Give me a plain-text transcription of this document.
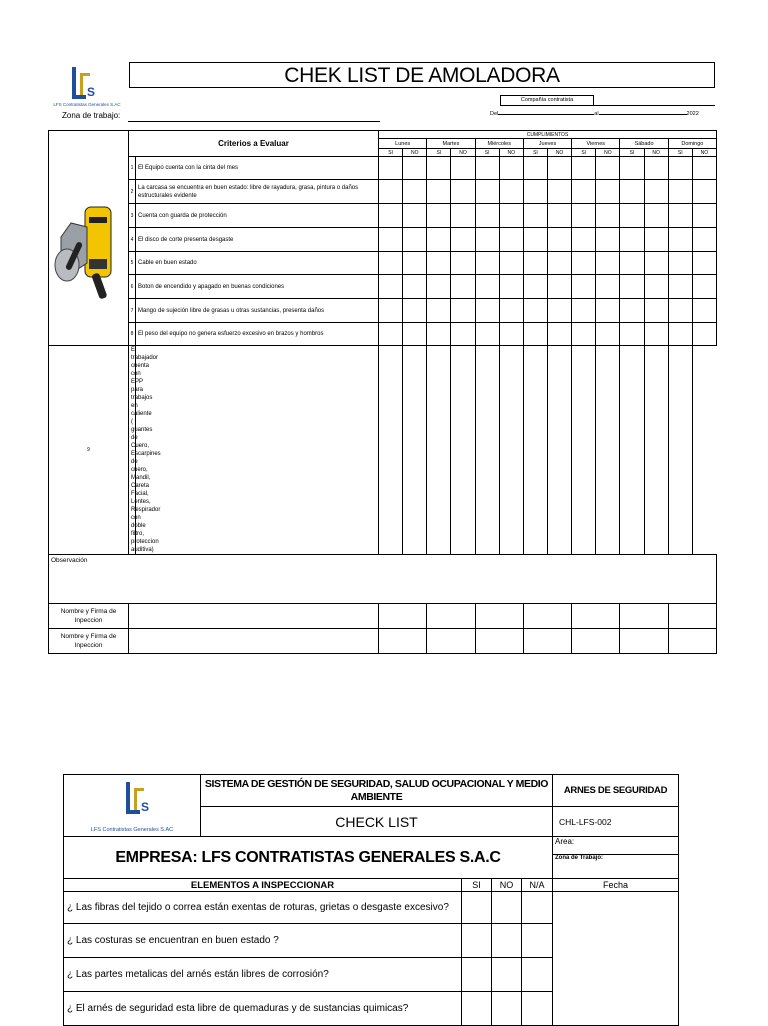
S
LFS Contratistas Generales S.AC
CHEK LIST DE AMOLADORA
Compañía contratista
Del	al	2022
Zona de trabajo:
	Criterios a Evaluar		CUMPLIMIENTOS													
			Lunes		Martes		Miércoles		Jueves		Viernes		Sábado		Domingo	
			SI	NO	SI	NO	SI	NO	SI	NO	SI	NO	SI	NO	SI	NO
	1	El Equipo cuenta con la cinta del mes														
	2	La carcasa se encuentra en buen estado: libre de rayadura, grasa, pintura o daños estructurales evidente														
	3	Cuenta con guarda de protección														
	4	El disco de corte presenta desgaste														
	5	Cable en buen estado														
	6	Boton de encendido y apagado en buenas condiciones														
	7	Mango de sujeción libre de grasas u otras sustancias, presenta daños														
	8	El peso del equipo no genera esfuerzo excesivo en brazos y hombros														
9	El trabajador cuenta con EPP para trabajos en caliente ( guantes de Cuero, Escarpines de cuero, Mandil, Careta Facial, Lentes, Respirador con doble filtro, proteccion auditiva)															
Observación																
Nombre y Firma de Inpeccion																
Nombre y Firma de Inpeccion																
S
LFS Contratistas Generales S.AC	SISTEMA DE GESTIÓN DE SEGURIDAD, SALUD OCUPACIONAL Y MEDIO AMBIENTE				ARNES DE SEGURIDAD
	CHECK LIST				CHL-LFS-002
EMPRESA: LFS CONTRATISTAS GENERALES S.A.C					Area:
					Zona de Trabajo:
ELEMENTOS A INSPECCIONAR		SI	NO	N/A	Fecha
¿ Las fibras del tejido o correa están exentas de roturas, grietas o desgaste excesivo?					
¿ Las costuras se encuentran en buen estado ?					
¿ Las partes metalicas del arnés están libres de corrosión?					
¿ El arnés de seguridad esta libre de quemaduras y de sustancias quimicas?					
